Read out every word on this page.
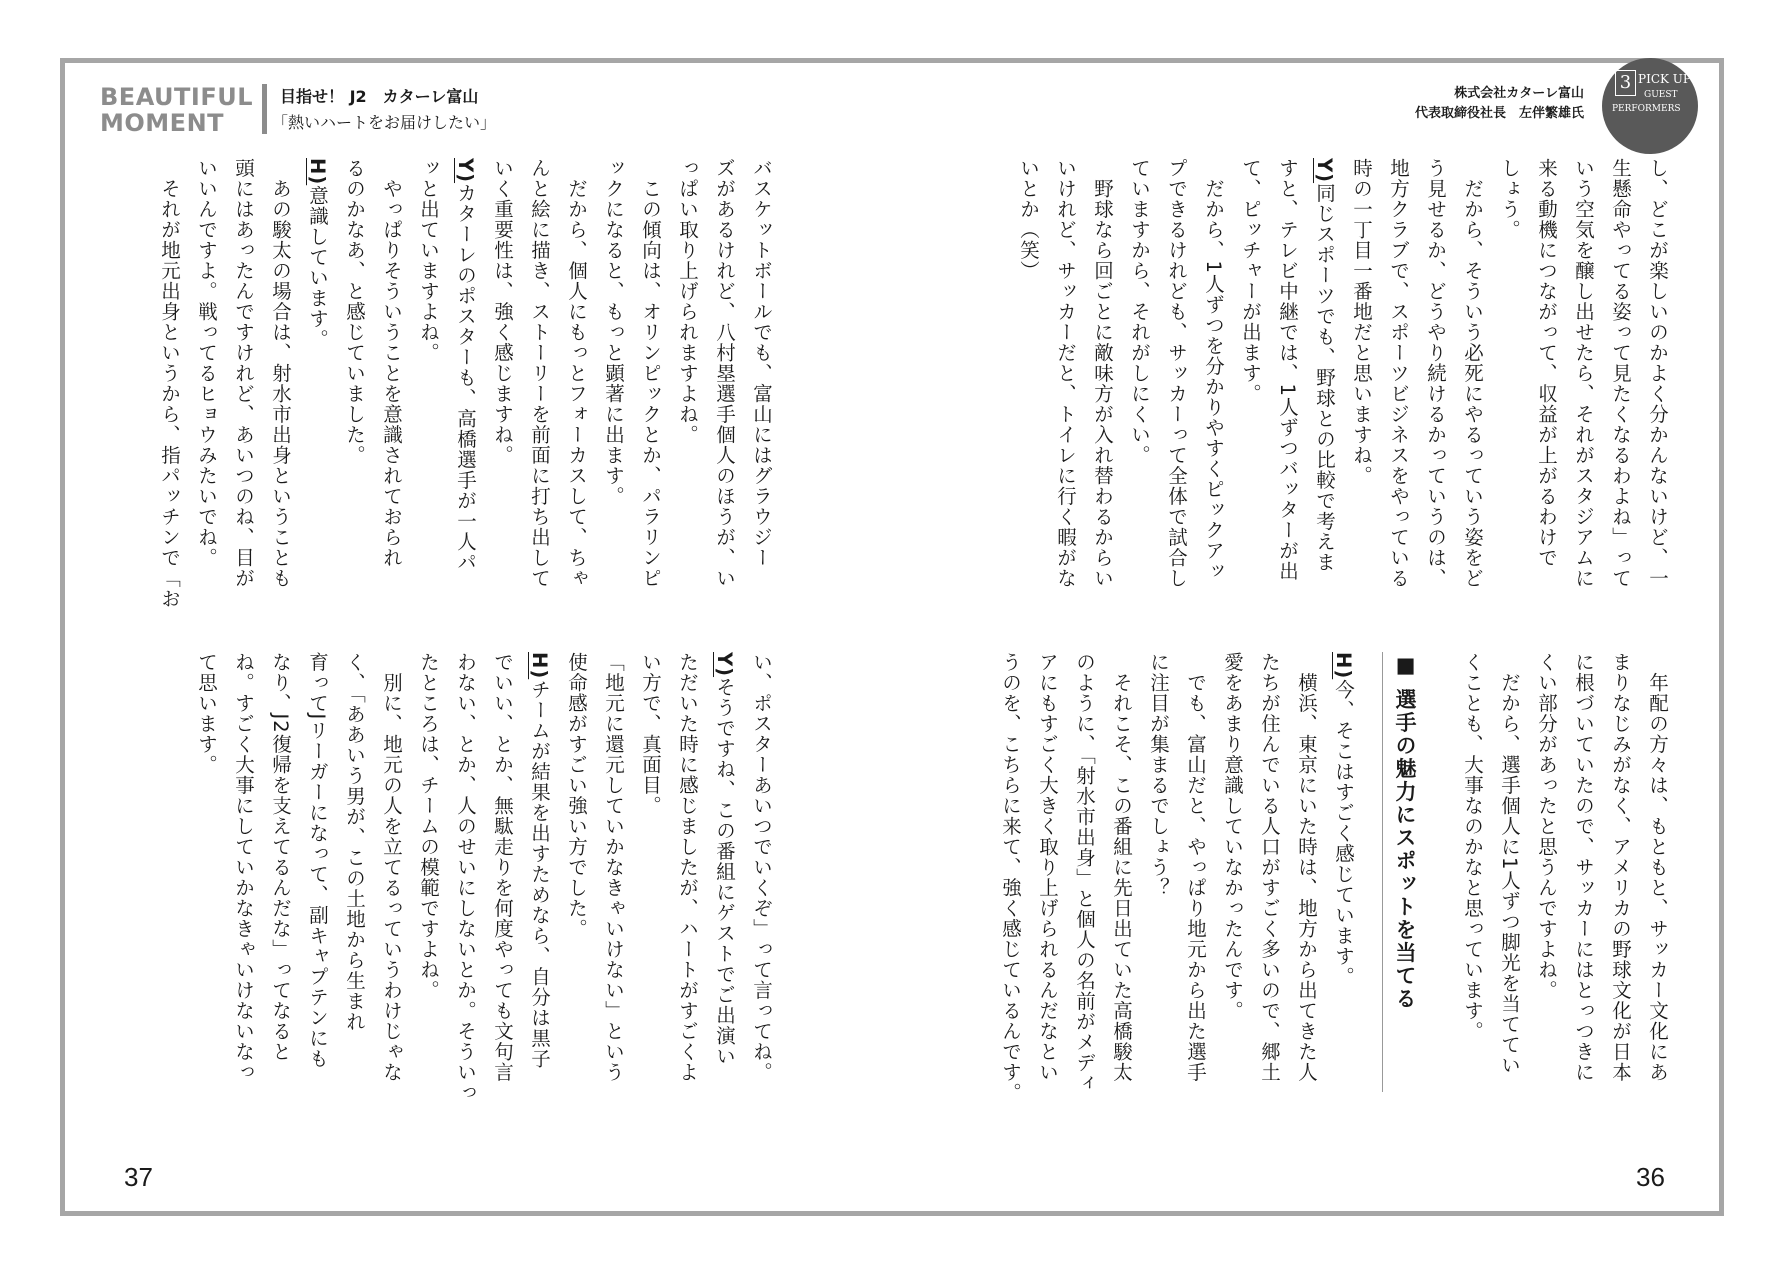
BEAUTIFUL
MOMENT
目指せ！ J2　カターレ富山
「熱いハートをお届けしたい」
株式会社カターレ富山
代表取締役社長　左伴繁雄氏
3 PICK UP
GUEST
PERFORMERS

し、どこが楽しいのかよく分かんないけど、一

生懸命やってる姿って見たくなるわよね」って

いう空気を醸し出せたら、それがスタジアムに

来る動機につながって、収益が上がるわけで

しょう。

　だから、そういう必死にやるっていう姿をど

う見せるか、どうやり続けるかっていうのは、

地方クラブで、スポーツビジネスをやっている

時の一丁目一番地だと思いますね。

Y)同じスポーツでも、野球との比較で考えま

すと、テレビ中継では、1人ずつバッターが出

て、ピッチャーが出ます。

　だから、1人ずつを分かりやすくピックアッ

プできるけれども、サッカーって全体で試合し

ていますから、それがしにくい。

　野球なら回ごとに敵味方が入れ替わるからい

いけれど、サッカーだと、トイレに行く暇がな

いとか（笑）

　年配の方々は、もともと、サッカー文化にあ

まりなじみがなく、アメリカの野球文化が日本

に根づいていたので、サッカーにはとっつきに

くい部分があったと思うんですよね。

　だから、選手個人に1人ずつ脚光を当ててい

くことも、大事なのかなと思っています。

■ 選手の魅力にスポットを当てる

H)今、そこはすごく感じています。

　横浜、東京にいた時は、地方から出てきた人

たちが住んでいる人口がすごく多いので、郷土

愛をあまり意識していなかったんです。

　でも、富山だと、やっぱり地元から出た選手

に注目が集まるでしょう？

　それこそ、この番組に先日出ていた高橋駿太

のように、「射水市出身」と個人の名前がメディ

アにもすごく大きく取り上げられるんだなとい

うのを、こちらに来て、強く感じているんです。

バスケットボールでも、富山にはグラウジー

ズがあるけれど、八村塁選手個人のほうが、い

っぱい取り上げられますよね。

　この傾向は、オリンピックとか、パラリンピ

ックになると、もっと顕著に出ます。

　だから、個人にもっとフォーカスして、ちゃ

んと絵に描き、ストーリーを前面に打ち出して

いく重要性は、強く感じますね。

Y)カターレのポスターも、高橋選手が一人パ

ッと出ていますよね。

　やっぱりそういうことを意識されておられ

るのかなあ、と感じていました。

H)意識しています。

　あの駿太の場合は、射水市出身ということも

頭にはあったんですけれど、あいつのね、目が

いいんですよ。戦ってるヒョウみたいでね。

　それが地元出身というから、指パッチンで「お

い、ポスターあいつでいくぞ」って言ってね。

Y)そうですね、この番組にゲストでご出演い

ただいた時に感じましたが、ハートがすごくよ

い方で、真面目。

「地元に還元していかなきゃいけない」という

使命感がすごい強い方でした。

H)チームが結果を出すためなら、自分は黒子

でいい、とか、無駄走りを何度やっても文句言

わない、とか、人のせいにしないとか。そういっ

たところは、チームの模範ですよね。

　別に、地元の人を立てるっていうわけじゃな

く、「ああいう男が、この土地から生まれ

育ってJリーガーになって、副キャプテンにも

なり、J2復帰を支えてるんだな」ってなると

ね。すごく大事にしていかなきゃいけないなっ

て思います。

37	36
